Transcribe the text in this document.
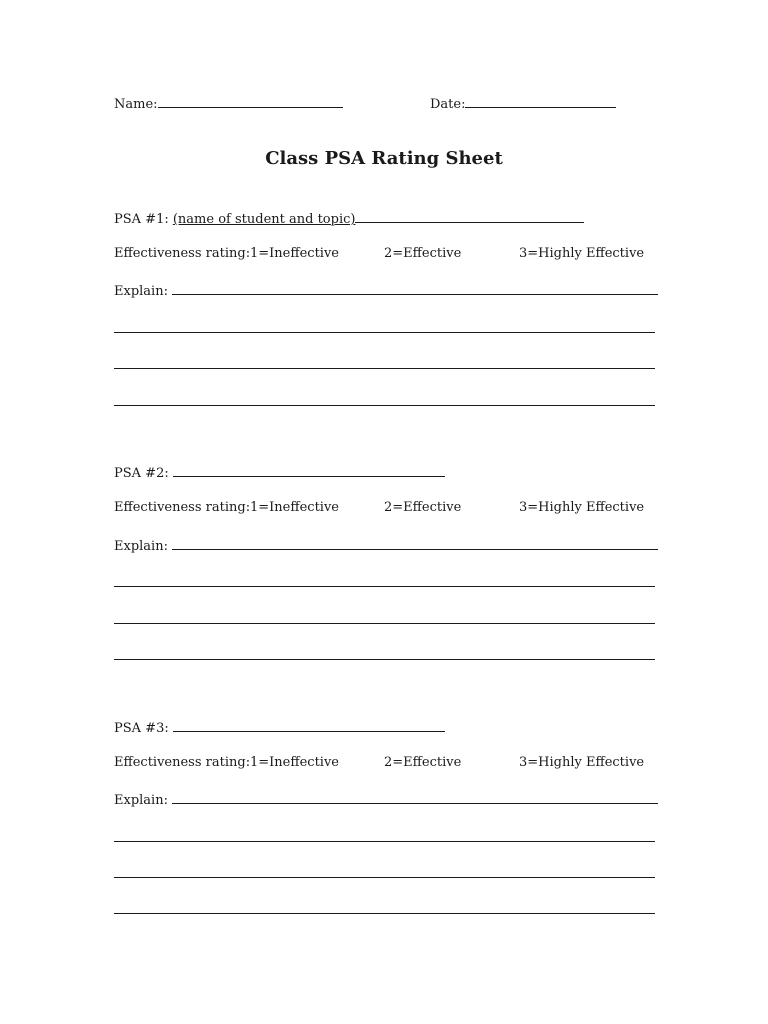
Name:	Date:
Class PSA Rating Sheet
PSA #1: (name of student and topic)
Effectiveness rating: 1=Ineffective	2=Effective	3=Highly Effective
Explain:
PSA #2:
Effectiveness rating: 1=Ineffective	2=Effective	3=Highly Effective
Explain:
PSA #3:
Effectiveness rating: 1=Ineffective	2=Effective	3=Highly Effective
Explain:
